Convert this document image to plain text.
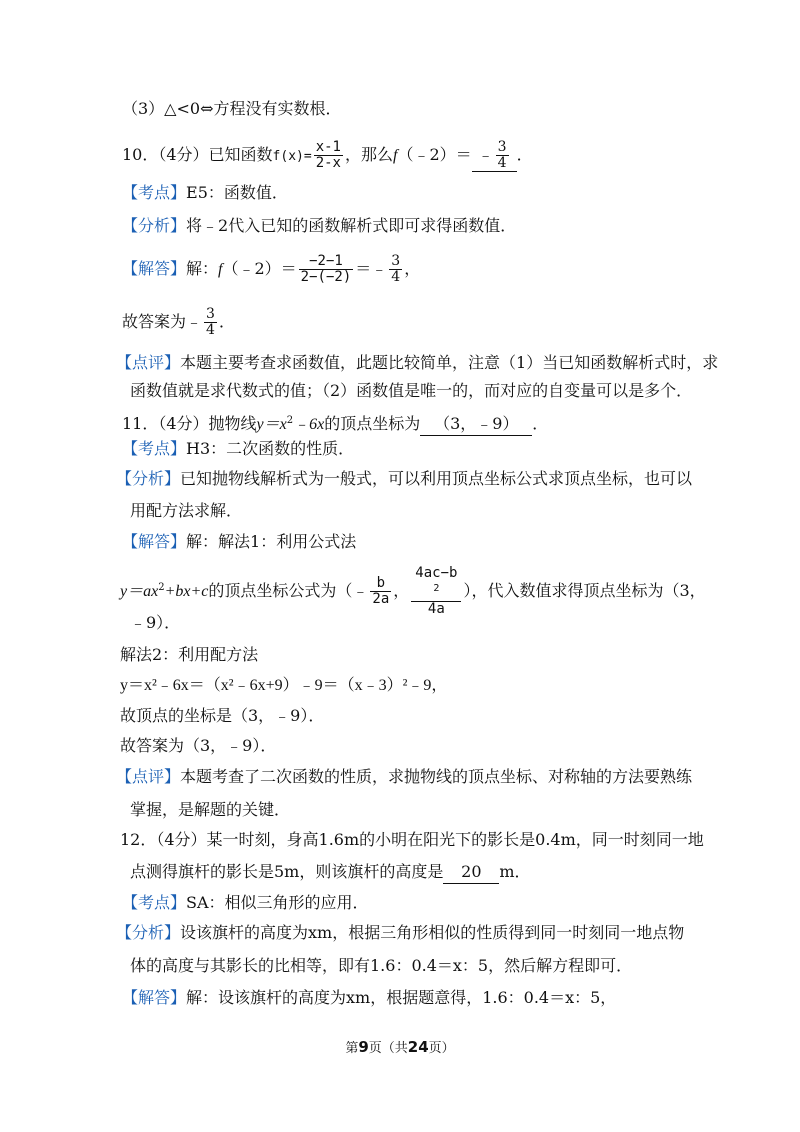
（3）△<0⇔方程没有实数根．
10．（4分）已知函数$f(x)= \frac{x-1}{2-x}$ ，那么f（﹣2）＝ ﹣ $\frac{3}{4}$ ．
【考点】E5：函数值．
【分析】将﹣2代入已知的函数解析式即可求得函数值．
【解答】解：f（﹣2）＝ $\frac{-2-1}{2-(-2)}$ ＝﹣ $\frac{3}{4}$ ，
故答案为﹣ $\frac{3}{4}$ ．
【点评】本题主要考查求函数值，此题比较简单，注意（1）当已知函数解析式时，求
函数值就是求代数式的值；（2）函数值是唯一的，而对应的自变量可以是多个．
11．（4分）抛物线$y=x^2﹣6x$的顶点坐标为 （3，﹣9） ．
【考点】H3：二次函数的性质．
【分析】已知抛物线解析式为一般式，可以利用顶点坐标公式求顶点坐标，也可以
用配方法求解．
【解答】解：解法1：利用公式法
$y=ax^2+bx+c$的顶点坐标公式为（﹣ $\frac{b}{2a}$ ， 4ac−b
$^2$
4a ），代入数值求得顶点坐标为（3，
﹣9）．
解法2：利用配方法
y＝x²﹣6x＝（x²﹣6x+9）﹣9＝（x﹣3）²﹣9，
故顶点的坐标是（3，﹣9）．
故答案为（3，﹣9）．
【点评】本题考查了二次函数的性质，求抛物线的顶点坐标、对称轴的方法要熟练
掌握，是解题的关键．
12．（4分）某一时刻，身高1.6m的小明在阳光下的影长是0.4m，同一时刻同一地
点测得旗杆的影长是5m，则该旗杆的高度是 20 m．
【考点】SA：相似三角形的应用．
【分析】设该旗杆的高度为xm，根据三角形相似的性质得到同一时刻同一地点物
体的高度与其影长的比相等，即有1.6：0.4＝x：5，然后解方程即可．
【解答】解：设该旗杆的高度为xm，根据题意得，1.6：0.4＝x：5，
第9页（共24页）
